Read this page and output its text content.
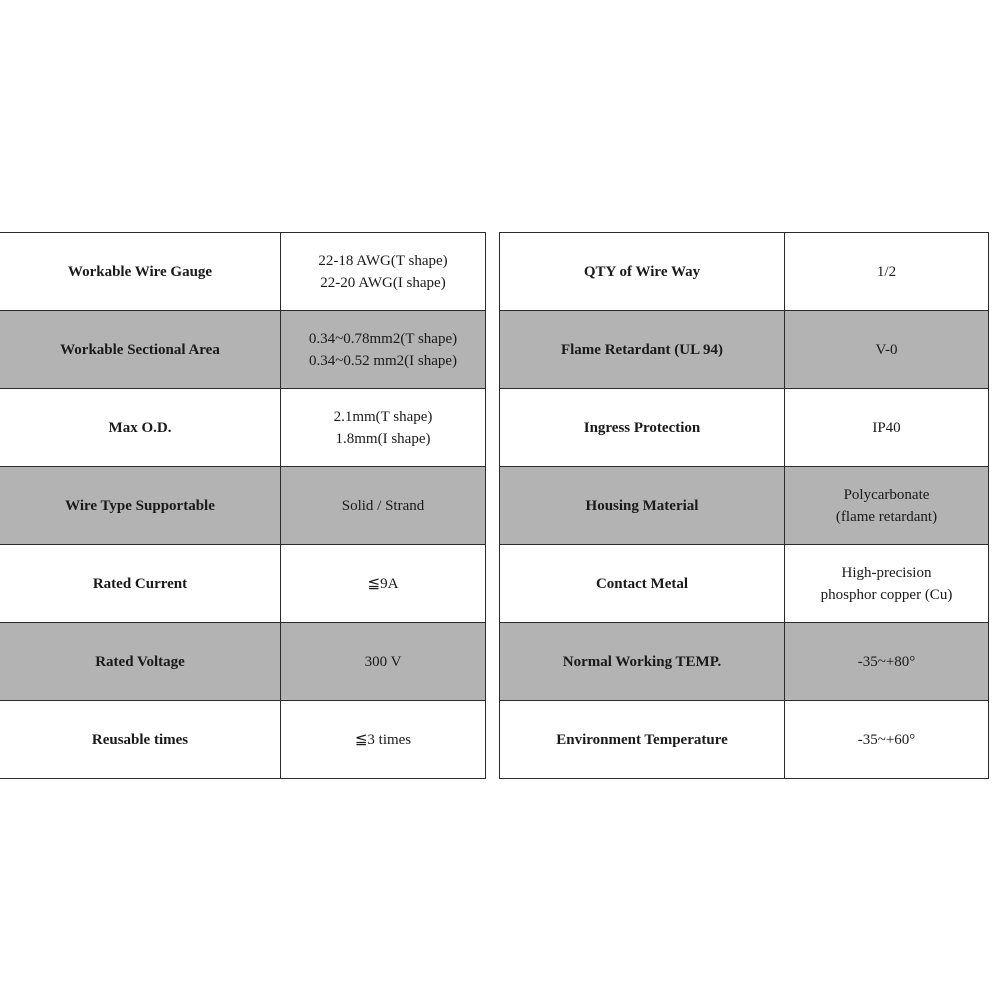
Workable Wire Gauge	22-18 AWG(T shape)
22-20 AWG(I shape)

Workable Sectional Area	0.34~0.78mm2(T shape)
0.34~0.52 mm2(I shape)

Max O.D.	2.1mm(T shape)
1.8mm(I shape)

Wire Type Supportable	Solid / Strand

Rated Current	≦9A

Rated Voltage	300 V

Reusable times	≦3 times
QTY of Wire Way	1/2

Flame Retardant (UL 94)	V-0

Ingress Protection	IP40

Housing Material	Polycarbonate
(flame retardant)

Contact Metal	High-precision
phosphor copper (Cu)

Normal Working TEMP.	-35~+80°

Environment Temperature	-35~+60°
